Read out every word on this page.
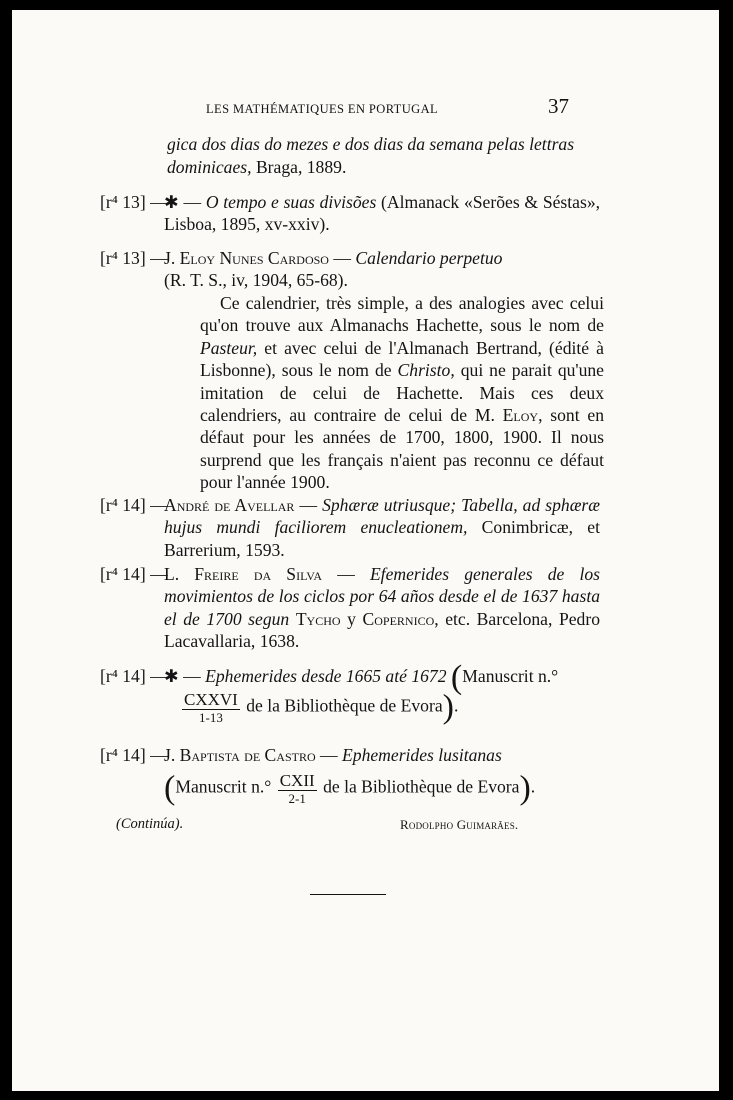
LES MATHÉMATIQUES EN PORTUGAL	37
gica dos dias do mezes e dos dias da semana pelas lettras dominicaes, Braga, 1889.
[r⁴ 13] —
✱ — O tempo e suas divisões (Almanack «Serões & Séstas», Lisboa, 1895, xv-xxiv).
[r⁴ 13] —
J. Eloy Nunes Cardoso — Calendario perpetuo
(R. T. S., iv, 1904, 65-68).
Ce calendrier, très simple, a des analogies avec celui qu'on trouve aux Almanachs Hachette, sous le nom de Pasteur, et avec celui de l'Almanach Bertrand, (édité à Lisbonne), sous le nom de Christo, qui ne parait qu'une imitation de celui de Hachette. Mais ces deux calendriers, au contraire de celui de M. Eloy, sont en défaut pour les années de 1700, 1800, 1900. Il nous surprend que les français n'aient pas reconnu ce défaut pour l'année 1900.
[r⁴ 14] —
André de Avellar — Sphæræ utriusque; Tabella, ad sphæræ hujus mundi faciliorem enucleationem, Conimbricæ, et Barrerium, 1593.
[r⁴ 14] —
L. Freire da Silva — Efemerides generales de los movimientos de los ciclos por 64 años desde el de 1637 hasta el de 1700 segun Tycho y Copernico, etc. Barcelona, Pedro Lacavallaria, 1638.
[r⁴ 14] —
✱ — Ephemerides desde 1665 até 1672 (Manuscrit n.°
$\frac{\text{CXXVI}}{1-13}$ de la Bibliothèque de Evora).
[r⁴ 14] —
J. Baptista de Castro — Ephemerides lusitanas
(Manuscrit $n.^\circ \frac{\text{CXII}}{2-1}$ de la Bibliothèque de Evora).
(Continúa).	Rodolpho Guimarães.
